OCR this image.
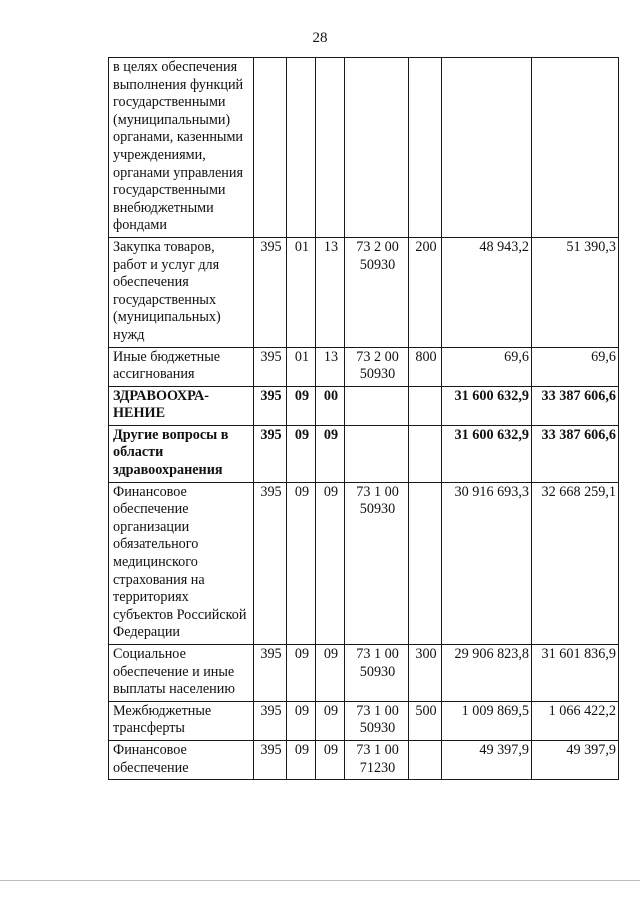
28
в целях обеспечения выполнения функций государственными (муниципальными) органами, казенными учреждениями, органами управления государственными внебюджетными фондами							
Закупка товаров, работ и услуг для обеспечения государственных (муниципальных) нужд	395	01	13	73 2 00 50930	200	48 943,2	51 390,3
Иные бюджетные ассигнования	395	01	13	73 2 00 50930	800	69,6	69,6
ЗДРАВООХРА-НЕНИЕ	395	09	00			31 600 632,9	33 387 606,6
Другие вопросы в области здравоохранения	395	09	09			31 600 632,9	33 387 606,6
Финансовое обеспечение организации обязательного медицинского страхования на территориях субъектов Российской Федерации	395	09	09	73 1 00 50930		30 916 693,3	32 668 259,1
Социальное обеспечение и иные выплаты населению	395	09	09	73 1 00 50930	300	29 906 823,8	31 601 836,9
Межбюджетные трансферты	395	09	09	73 1 00 50930	500	1 009 869,5	1 066 422,2
Финансовое обеспечение	395	09	09	73 1 00 71230		49 397,9	49 397,9
